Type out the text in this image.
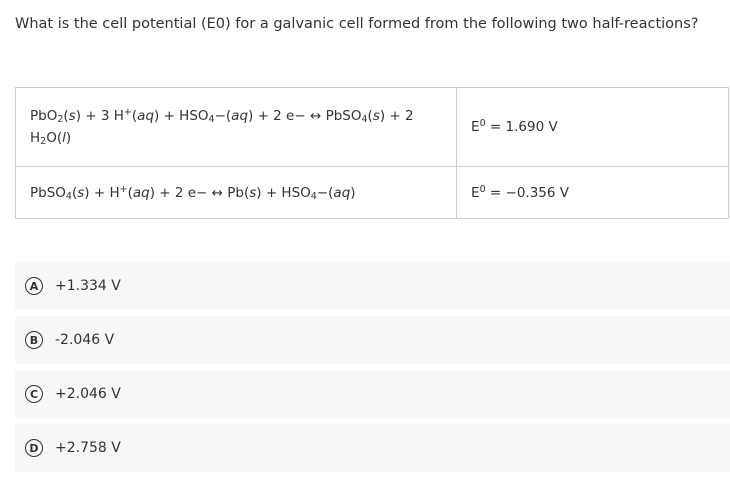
What is the cell potential (E0) for a galvanic cell formed from the following two half-reactions?
PbO$_2$(s) + 3 $H^+(aq) + HSO_4-(aq) + 2$ e− ↔ PbSO$_4$(s) + 2
$H_2O(l)$	$E^0 = 1.690$ V
PbSO$_4$(s) + H+(aq) + 2 e− ↔ $Pb(s) + HSO_4-(aq)$	$E^0 = -0.356$ V
A	+1.334 V
B	-2.046 V
C	+2.046 V
D	+2.758 V
